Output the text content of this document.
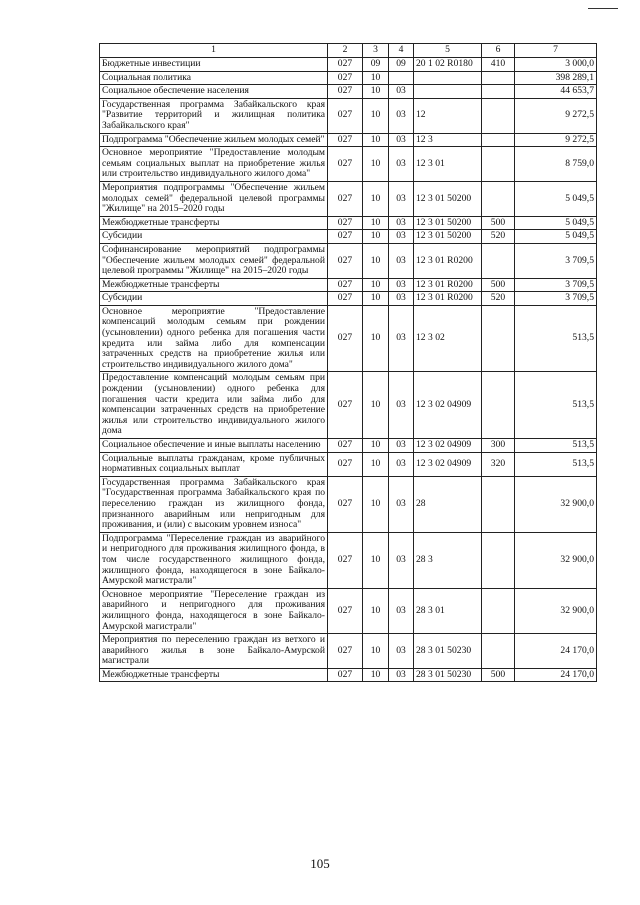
1	2	3	4	5	6	7
Бюджетные инвестиции	027	09	09	20 1 02 R0180	410	3 000,0
Социальная политика	027	10				398 289,1
Социальное обеспечение населения	027	10	03			44 653,7
Государственная программа Забайкальского края "Развитие территорий и жилищная политика Забайкальского края"	027	10	03	12		9 272,5
Подпрограмма "Обеспечение жильем молодых семей"	027	10	03	12 3		9 272,5
Основное мероприятие "Предоставление молодым семьям социальных выплат на приобретение жилья или строительство индивидуального жилого дома"	027	10	03	12 3 01		8 759,0
Мероприятия подпрограммы "Обеспечение жильем молодых семей" федеральной целевой программы "Жилище" на 2015–2020 годы	027	10	03	12 3 01 50200		5 049,5
Межбюджетные трансферты	027	10	03	12 3 01 50200	500	5 049,5
Субсидии	027	10	03	12 3 01 50200	520	5 049,5
Софинансирование мероприятий подпрограммы "Обеспечение жильем молодых семей" федеральной целевой программы "Жилище" на 2015–2020 годы	027	10	03	12 3 01 R0200		3 709,5
Межбюджетные трансферты	027	10	03	12 3 01 R0200	500	3 709,5
Субсидии	027	10	03	12 3 01 R0200	520	3 709,5
Основное мероприятие "Предоставление компенсаций молодым семьям при рождении (усыновлении) одного ребенка для погашения части кредита или займа либо для компенсации затраченных средств на приобретение жилья или строительство индивидуального жилого дома"	027	10	03	12 3 02		513,5
Предоставление компенсаций молодым семьям при рождении (усыновлении) одного ребенка для погашения части кредита или займа либо для компенсации затраченных средств на приобретение жилья или строительство индивидуального жилого дома	027	10	03	12 3 02 04909		513,5
Социальное обеспечение и иные выплаты населению	027	10	03	12 3 02 04909	300	513,5
Социальные выплаты гражданам, кроме публичных нормативных социальных выплат	027	10	03	12 3 02 04909	320	513,5
Государственная программа Забайкальского края "Государственная программа Забайкальского края по переселению граждан из жилищного фонда, признанного аварийным или непригодным для проживания, и (или) с высоким уровнем износа"	027	10	03	28		32 900,0
Подпрограмма "Переселение граждан из аварийного и непригодного для проживания жилищного фонда, в том числе государственного жилищного фонда, жилищного фонда, находящегося в зоне Байкало-Амурской магистрали"	027	10	03	28 3		32 900,0
Основное мероприятие "Переселение граждан из аварийного и непригодного для проживания жилищного фонда, находящегося в зоне Байкало-Амурской магистрали"	027	10	03	28 3 01		32 900,0
Мероприятия по переселению граждан из ветхого и аварийного жилья в зоне Байкало-Амурской магистрали	027	10	03	28 3 01 50230		24 170,0
Межбюджетные трансферты	027	10	03	28 3 01 50230	500	24 170,0
105
